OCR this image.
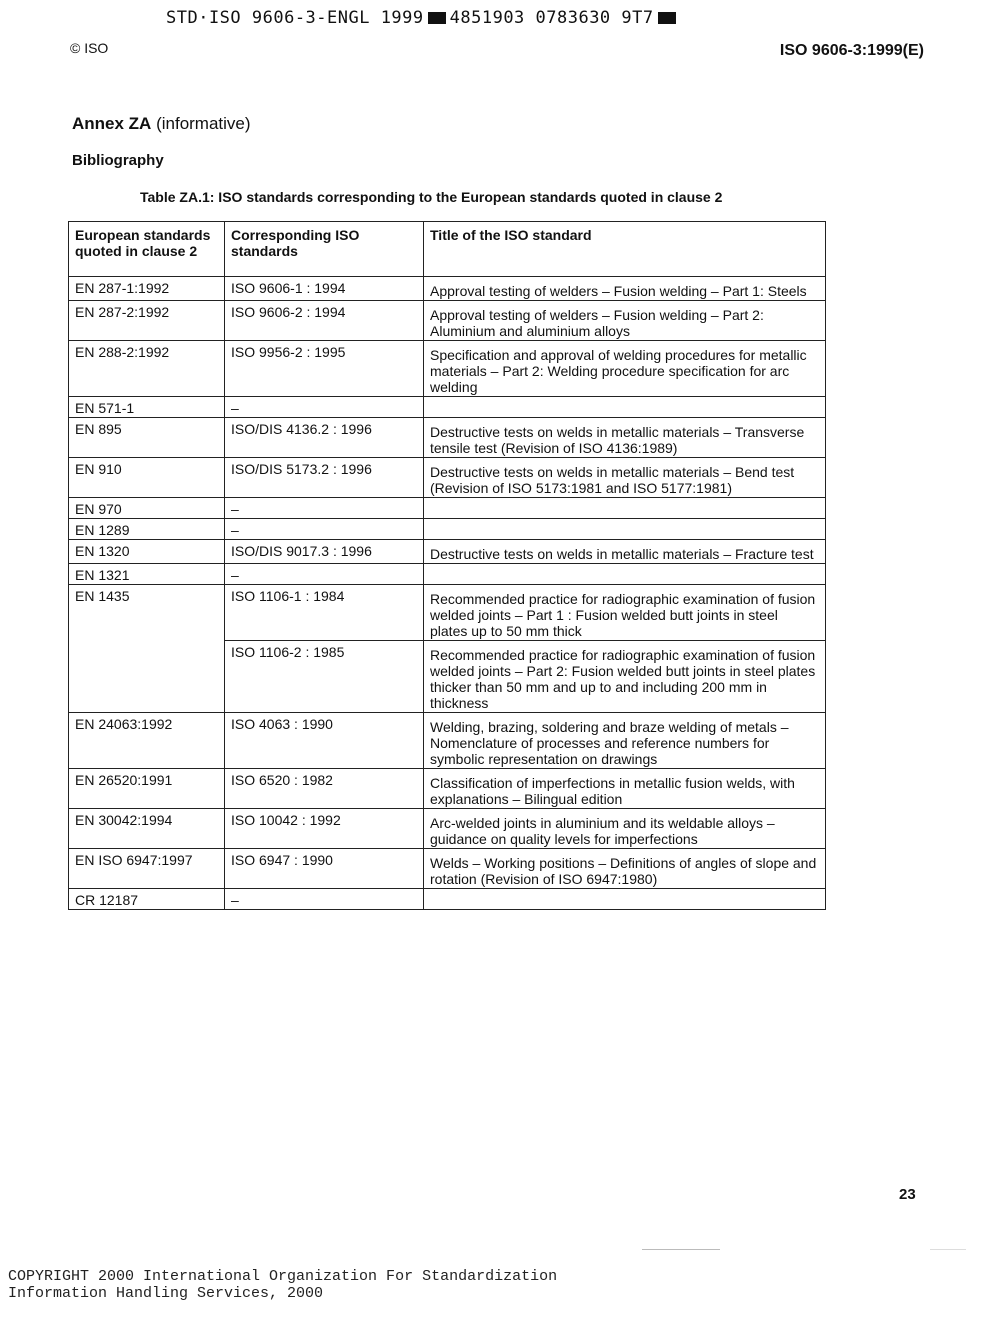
STD·ISO 9606-3-ENGL 1999 4851903 0783630 9T7
© ISO	ISO 9606-3:1999(E)
Annex ZA (informative)
Bibliography
Table ZA.1: ISO standards corresponding to the European standards quoted in clause 2
European standards quoted in clause 2	Corresponding ISO standards	Title of the ISO standard
EN 287-1:1992	ISO 9606-1 : 1994	Approval testing of welders – Fusion welding – Part 1: Steels
EN 287-2:1992	ISO 9606-2 : 1994	Approval testing of welders – Fusion welding – Part 2: Aluminium and aluminium alloys
EN 288-2:1992	ISO 9956-2 : 1995	Specification and approval of welding procedures for metallic materials – Part 2: Welding procedure specification for arc welding
EN 571-1	–	
EN 895	ISO/DIS 4136.2 : 1996	Destructive tests on welds in metallic materials – Transverse tensile test (Revision of ISO 4136:1989)
EN 910	ISO/DIS 5173.2 : 1996	Destructive tests on welds in metallic materials – Bend test (Revision of ISO 5173:1981 and ISO 5177:1981)
EN 970	–	
EN 1289	–	
EN 1320	ISO/DIS 9017.3 : 1996	Destructive tests on welds in metallic materials – Fracture test
EN 1321	–	
EN 1435	ISO 1106-1 : 1984	Recommended practice for radiographic examination of fusion welded joints – Part 1 : Fusion welded butt joints in steel plates up to 50 mm thick
	ISO 1106-2 : 1985	Recommended practice for radiographic examination of fusion welded joints – Part 2: Fusion welded butt joints in steel plates thicker than 50 mm and up to and including 200 mm in thickness
EN 24063:1992	ISO 4063 : 1990	Welding, brazing, soldering and braze welding of metals – Nomenclature of processes and reference numbers for symbolic representation on drawings
EN 26520:1991	ISO 6520 : 1982	Classification of imperfections in metallic fusion welds, with explanations – Bilingual edition
EN 30042:1994	ISO 10042 : 1992	Arc-welded joints in aluminium and its weldable alloys – guidance on quality levels for imperfections
EN ISO 6947:1997	ISO 6947 : 1990	Welds – Working positions – Definitions of angles of slope and rotation (Revision of ISO 6947:1980)
CR 12187	–	
23
COPYRIGHT 2000 International Organization For Standardization
Information Handling Services, 2000
